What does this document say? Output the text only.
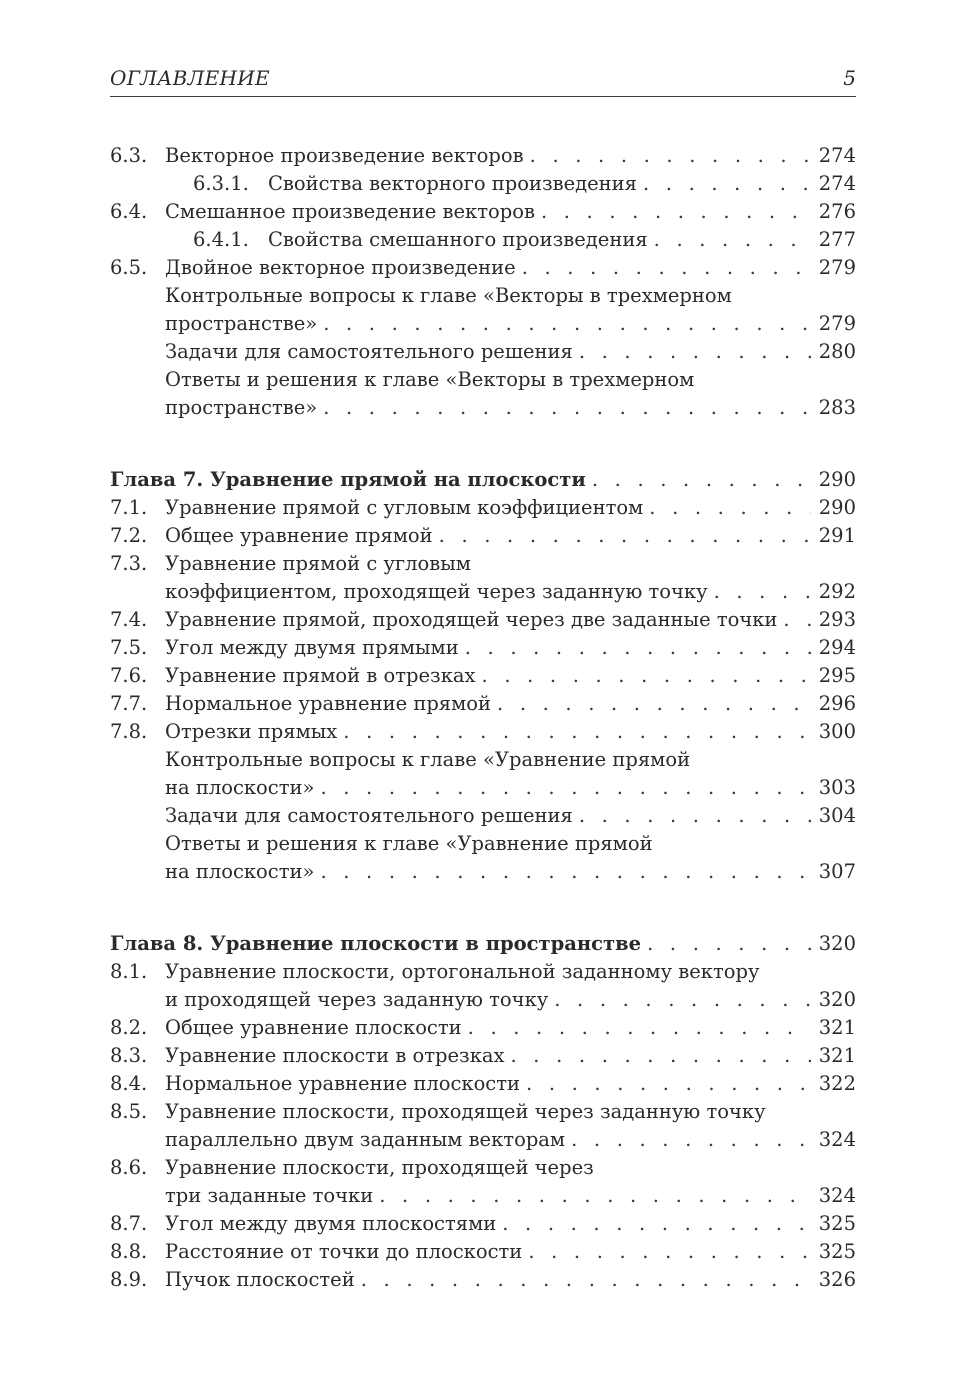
ОГЛАВЛЕНИЕ	5
6.3. Векторное произведение векторов . . .	274
6.3.1. Свойства векторного произведения . . .	274
6.4. Смешанное произведение векторов . . .	276
6.4.1. Свойства смешанного произведения . . .	277
6.5. Двойное векторное произведение . . .	279
Контрольные вопросы к главе «Векторы в трехмерном
пространстве» . . .	279
Задачи для самостоятельного решения . . .	280
Ответы и решения к главе «Векторы в трехмерном
пространстве» . . .	283
Глава 7. Уравнение прямой на плоскости . . .	290
7.1. Уравнение прямой с угловым коэффициентом . . .	290
7.2. Общее уравнение прямой . . .	291
7.3. Уравнение прямой с угловым
коэффициентом, проходящей через заданную точку . . .	292
7.4. Уравнение прямой, проходящей через две заданные точки . . .	293
7.5. Угол между двумя прямыми . . .	294
7.6. Уравнение прямой в отрезках . . .	295
7.7. Нормальное уравнение прямой . . .	296
7.8. Отрезки прямых . . .	300
Контрольные вопросы к главе «Уравнение прямой
на плоскости» . . .	303
Задачи для самостоятельного решения . . .	304
Ответы и решения к главе «Уравнение прямой
на плоскости» . . .	307
Глава 8. Уравнение плоскости в пространстве . . .	320
8.1. Уравнение плоскости, ортогональной заданному вектору
и проходящей через заданную точку . . .	320
8.2. Общее уравнение плоскости . . .	321
8.3. Уравнение плоскости в отрезках . . .	321
8.4. Нормальное уравнение плоскости . . .	322
8.5. Уравнение плоскости, проходящей через заданную точку
параллельно двум заданным векторам . . .	324
8.6. Уравнение плоскости, проходящей через
три заданные точки . . .	324
8.7. Угол между двумя плоскостями . . .	325
8.8. Расстояние от точки до плоскости . . .	325
8.9. Пучок плоскостей . . .	326
